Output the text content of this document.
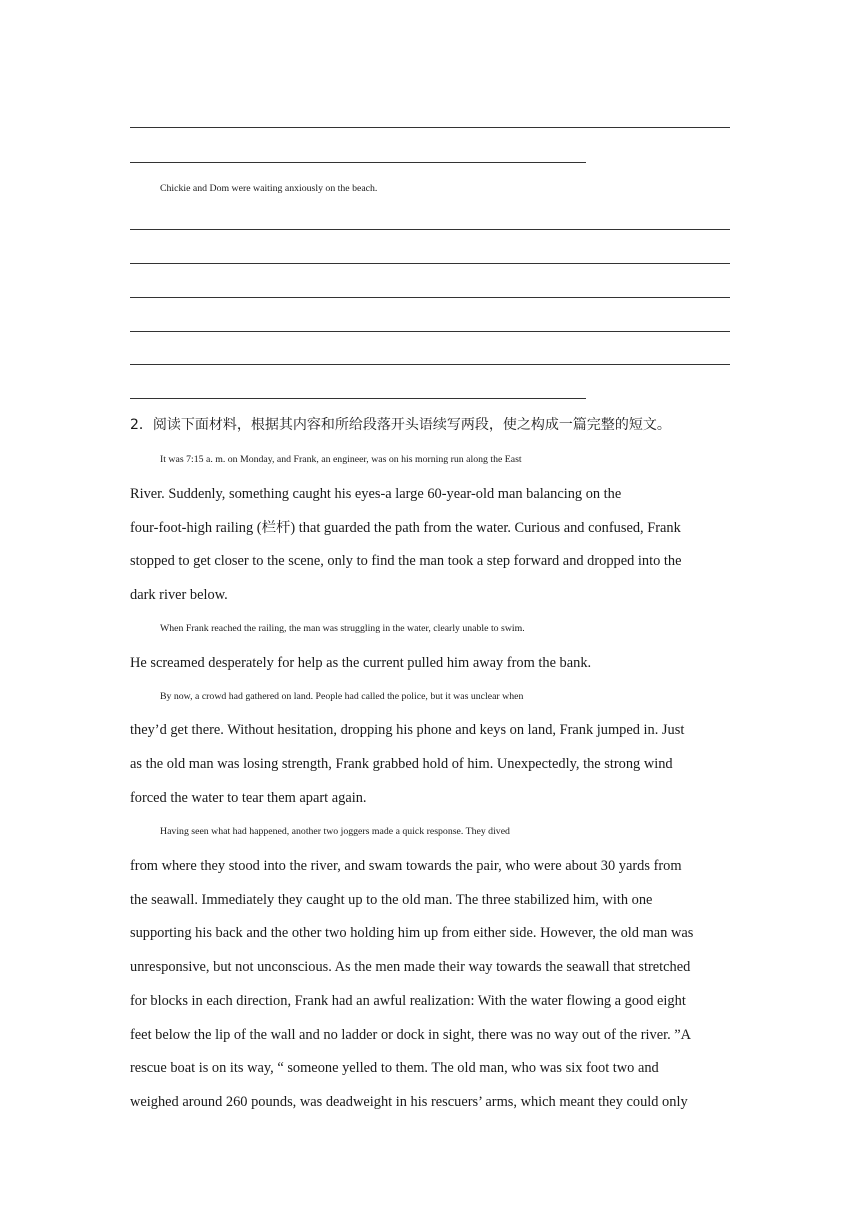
Chickie and Dom were waiting anxiously on the beach.
2．阅读下面材料，根据其内容和所给段落开头语续写两段，使之构成一篇完整的短文。
It was 7:15 a. m. on Monday, and Frank, an engineer, was on his morning run along the East
River. Suddenly, something caught his eyes-a large 60-year-old man balancing on the
four-foot-high railing (栏杆) that guarded the path from the water. Curious and confused, Frank
stopped to get closer to the scene, only to find the man took a step forward and dropped into the
dark river below.
When Frank reached the railing, the man was struggling in the water, clearly unable to swim.
He screamed desperately for help as the current pulled him away from the bank.
By now, a crowd had gathered on land. People had called the police, but it was unclear when
they’d get there. Without hesitation, dropping his phone and keys on land, Frank jumped in. Just
as the old man was losing strength, Frank grabbed hold of him. Unexpectedly, the strong wind
forced the water to tear them apart again.
Having seen what had happened, another two joggers made a quick response. They dived
from where they stood into the river, and swam towards the pair, who were about 30 yards from
the seawall. Immediately they caught up to the old man. The three stabilized him, with one
supporting his back and the other two holding him up from either side. However, the old man was
unresponsive, but not unconscious. As the men made their way towards the seawall that stretched
for blocks in each direction, Frank had an awful realization: With the water flowing a good eight
feet below the lip of the wall and no ladder or dock in sight, there was no way out of the river. ”A
rescue boat is on its way, “ someone yelled to them. The old man, who was six foot two and
weighed around 260 pounds, was deadweight in his rescuers’ arms, which meant they could only
